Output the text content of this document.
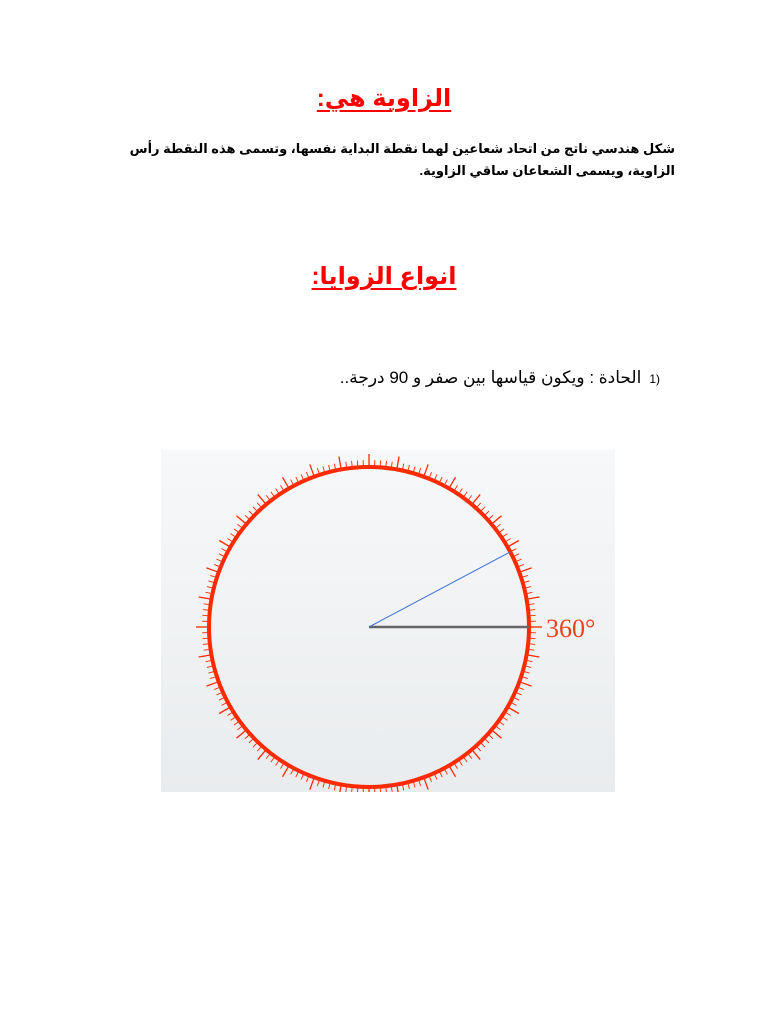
الزاوية هي:

شكل هندسي ناتج من اتحاد شعاعين لهما نقطة البداية نفسها، وتسمى هذه النقطة رأس الزاوية، ويسمى الشعاعان ساقي الزاوية.

انواع الزوايا:

(1الحادة : ويكون قياسها بين صفر و 90 درجة..

360°
